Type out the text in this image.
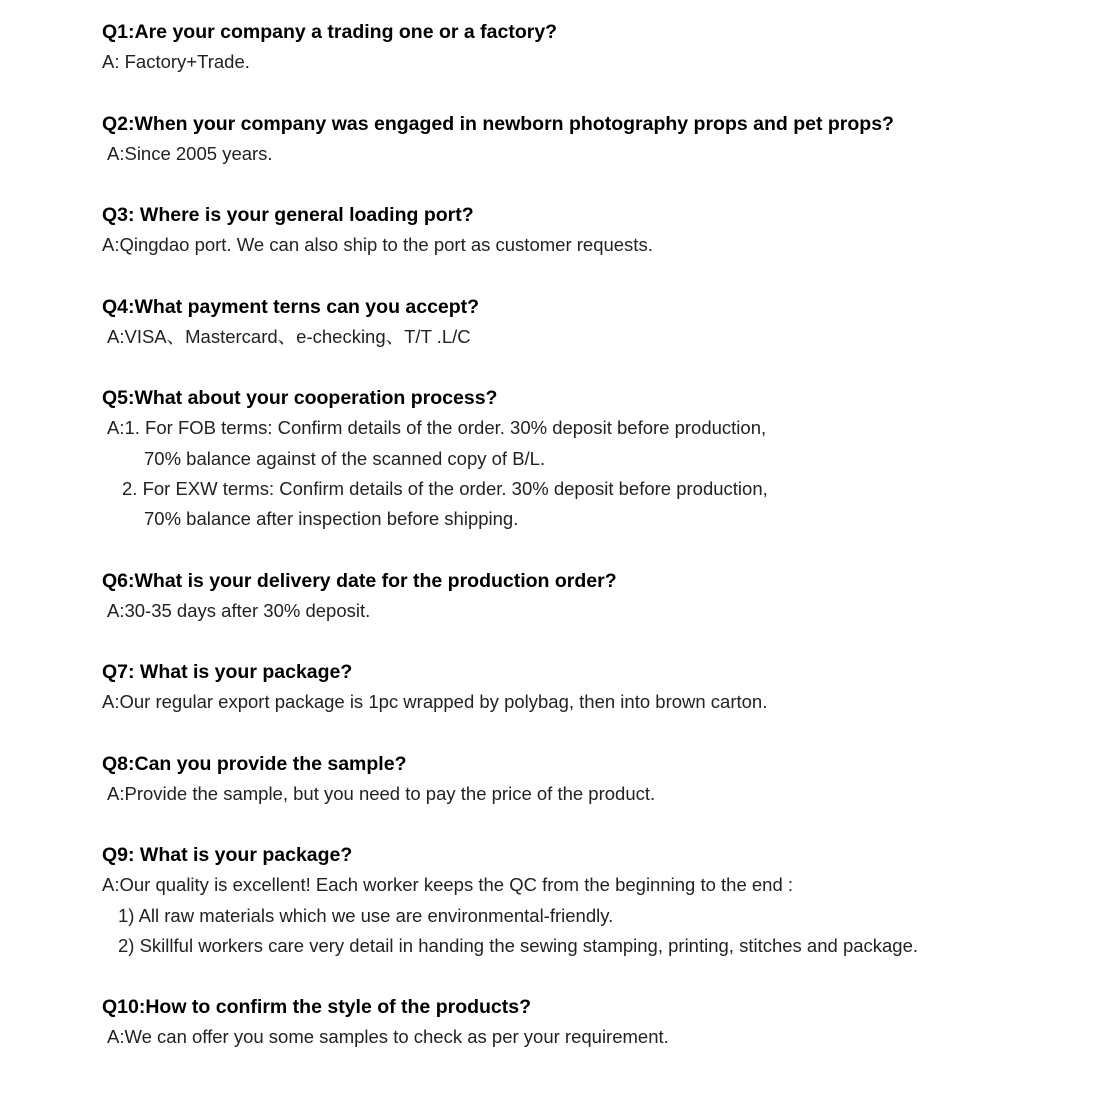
Q1:Are your company a trading one or a factory?
A: Factory+Trade.
Q2:When your company was engaged in newborn photography props and pet props?
A:Since 2005 years.
Q3: Where is your general loading port?
A:Qingdao port. We can also ship to the port as customer requests.
Q4:What payment terns can you accept?
A:VISA、Mastercard、e-checking、T/T .L/C
Q5:What about your cooperation process?
A:1. For FOB terms: Confirm details of the order. 30% deposit before production,
70% balance against of the scanned copy of B/L.
2. For EXW terms: Confirm details of the order. 30% deposit before production,
70% balance after inspection before shipping.
Q6:What is your delivery date for the production order?
A:30-35 days after 30% deposit.
Q7: What is your package?
A:Our regular export package is 1pc wrapped by polybag, then into brown carton.
Q8:Can you provide the sample?
A:Provide the sample, but you need to pay the price of the product.
Q9: What is your package?
A:Our quality is excellent! Each worker keeps the QC from the beginning to the end :
1) All raw materials which we use are environmental-friendly.
2) Skillful workers care very detail in handing the sewing stamping, printing, stitches and package.
Q10:How to confirm the style of the products?
A:We can offer you some samples to check as per your requirement.
